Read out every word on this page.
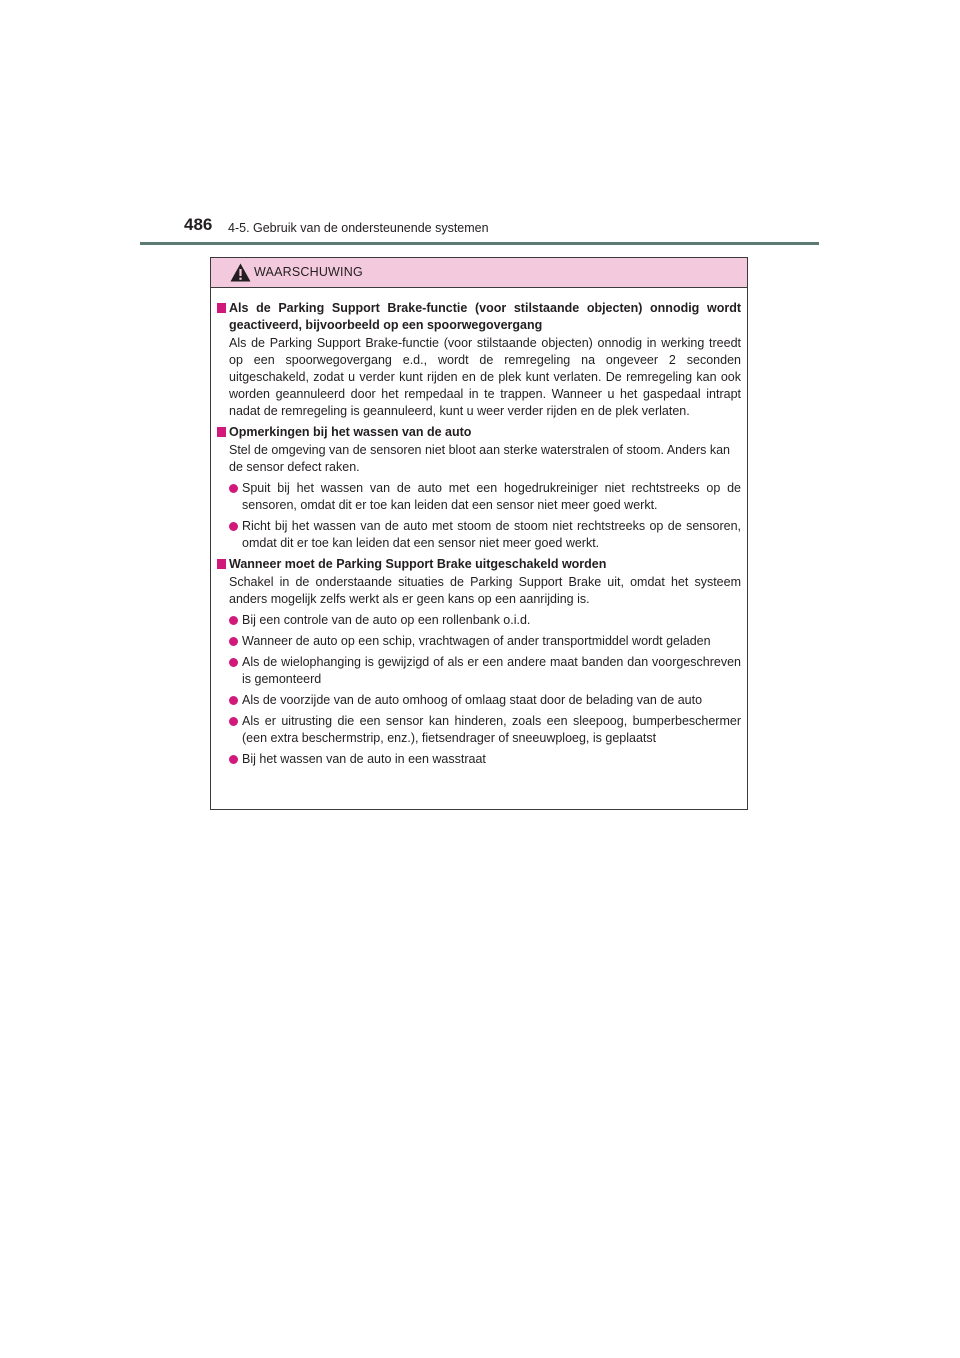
486 4-5. Gebruik van de ondersteunende systemen
WAARSCHUWING
Als de Parking Support Brake-functie (voor stilstaande objecten) onnodig wordt geactiveerd, bijvoorbeeld op een spoorwegovergang
Als de Parking Support Brake-functie (voor stilstaande objecten) onnodig in werking treedt op een spoorwegovergang e.d., wordt de remregeling na ongeveer 2 seconden uitgeschakeld, zodat u verder kunt rijden en de plek kunt verlaten. De remregeling kan ook worden geannuleerd door het rempedaal in te trappen. Wanneer u het gaspedaal intrapt nadat de remregeling is geannuleerd, kunt u weer verder rijden en de plek verlaten.
Opmerkingen bij het wassen van de auto
Stel de omgeving van de sensoren niet bloot aan sterke waterstralen of stoom. Anders kan de sensor defect raken.
Spuit bij het wassen van de auto met een hogedrukreiniger niet rechtstreeks op de sensoren, omdat dit er toe kan leiden dat een sensor niet meer goed werkt.
Richt bij het wassen van de auto met stoom de stoom niet rechtstreeks op de sensoren, omdat dit er toe kan leiden dat een sensor niet meer goed werkt.
Wanneer moet de Parking Support Brake uitgeschakeld worden
Schakel in de onderstaande situaties de Parking Support Brake uit, omdat het systeem anders mogelijk zelfs werkt als er geen kans op een aanrijding is.
Bij een controle van de auto op een rollenbank o.i.d.
Wanneer de auto op een schip, vrachtwagen of ander transportmiddel wordt geladen
Als de wielophanging is gewijzigd of als er een andere maat banden dan voorgeschreven is gemonteerd
Als de voorzijde van de auto omhoog of omlaag staat door de belading van de auto
Als er uitrusting die een sensor kan hinderen, zoals een sleepoog, bumperbeschermer (een extra beschermstrip, enz.), fietsendrager of sneeuwploeg, is geplaatst
Bij het wassen van de auto in een wasstraat
